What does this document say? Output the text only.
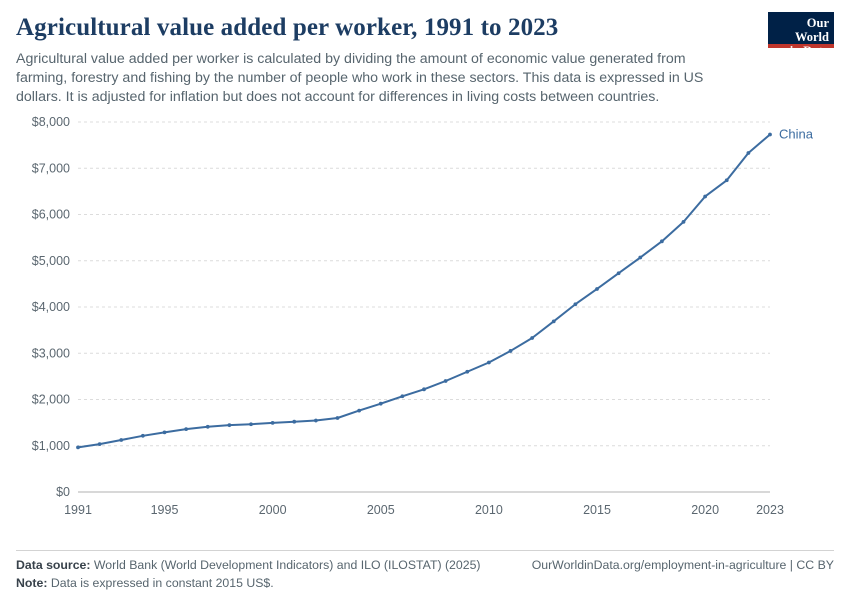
Agricultural value added per worker, 1991 to 2023

Agricultural value added per worker is calculated by dividing the amount of economic value generated from farming, forestry and fishing by the number of people who work in these sectors. This data is expressed in US dollars. It is adjusted for inflation but does not account for differences in living costs between countries.

Our World
in Data
$0
$1,000
$2,000
$3,000
$4,000
$5,000
$6,000
$7,000
$8,000
1991	1995	2000	2005	2010	2015	2020	2023
China
Data source: World Bank (World Development Indicators) and ILO (ILOSTAT) (2025)	OurWorldinData.org/employment-in-agriculture | CC BY
Note: Data is expressed in constant 2015 US$.
